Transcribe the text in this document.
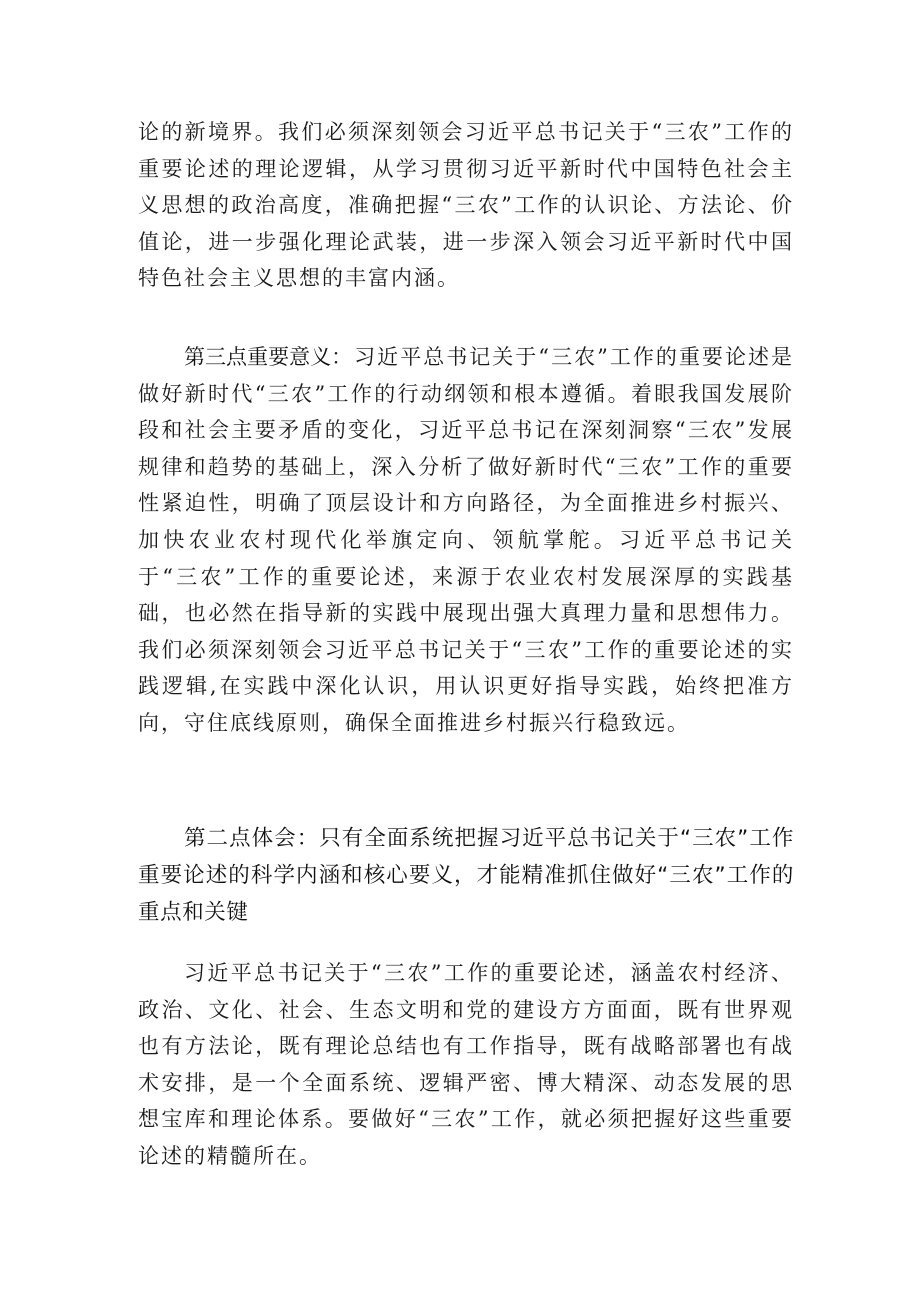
论的新境界。我们必须深刻领会习近平总书记关于“三农”工作的重要论述的理论逻辑，从学习贯彻习近平新时代中国特色社会主义思想的政治高度，准确把握“三农”工作的认识论、方法论、价值论，进一步强化理论武装，进一步深入领会习近平新时代中国特色社会主义思想的丰富内涵。

第三点重要意义：习近平总书记关于“三农”工作的重要论述是做好新时代“三农”工作的行动纲领和根本遵循。着眼我国发展阶段和社会主要矛盾的变化，习近平总书记在深刻洞察“三农”发展规律和趋势的基础上，深入分析了做好新时代“三农”工作的重要性紧迫性，明确了顶层设计和方向路径，为全面推进乡村振兴、加快农业农村现代化举旗定向、领航掌舵。习近平总书记关于“三农”工作的重要论述，来源于农业农村发展深厚的实践基础，也必然在指导新的实践中展现出强大真理力量和思想伟力。我们必须深刻领会习近平总书记关于“三农”工作的重要论述的实践逻辑,在实践中深化认识，用认识更好指导实践，始终把准方向，守住底线原则，确保全面推进乡村振兴行稳致远。

第二点体会：只有全面系统把握习近平总书记关于“三农”工作重要论述的科学内涵和核心要义，才能精准抓住做好“三农”工作的重点和关键

习近平总书记关于“三农”工作的重要论述，涵盖农村经济、政治、文化、社会、生态文明和党的建设方方面面，既有世界观也有方法论，既有理论总结也有工作指导，既有战略部署也有战术安排，是一个全面系统、逻辑严密、博大精深、动态发展的思想宝库和理论体系。要做好“三农”工作，就必须把握好这些重要论述的精髓所在。
